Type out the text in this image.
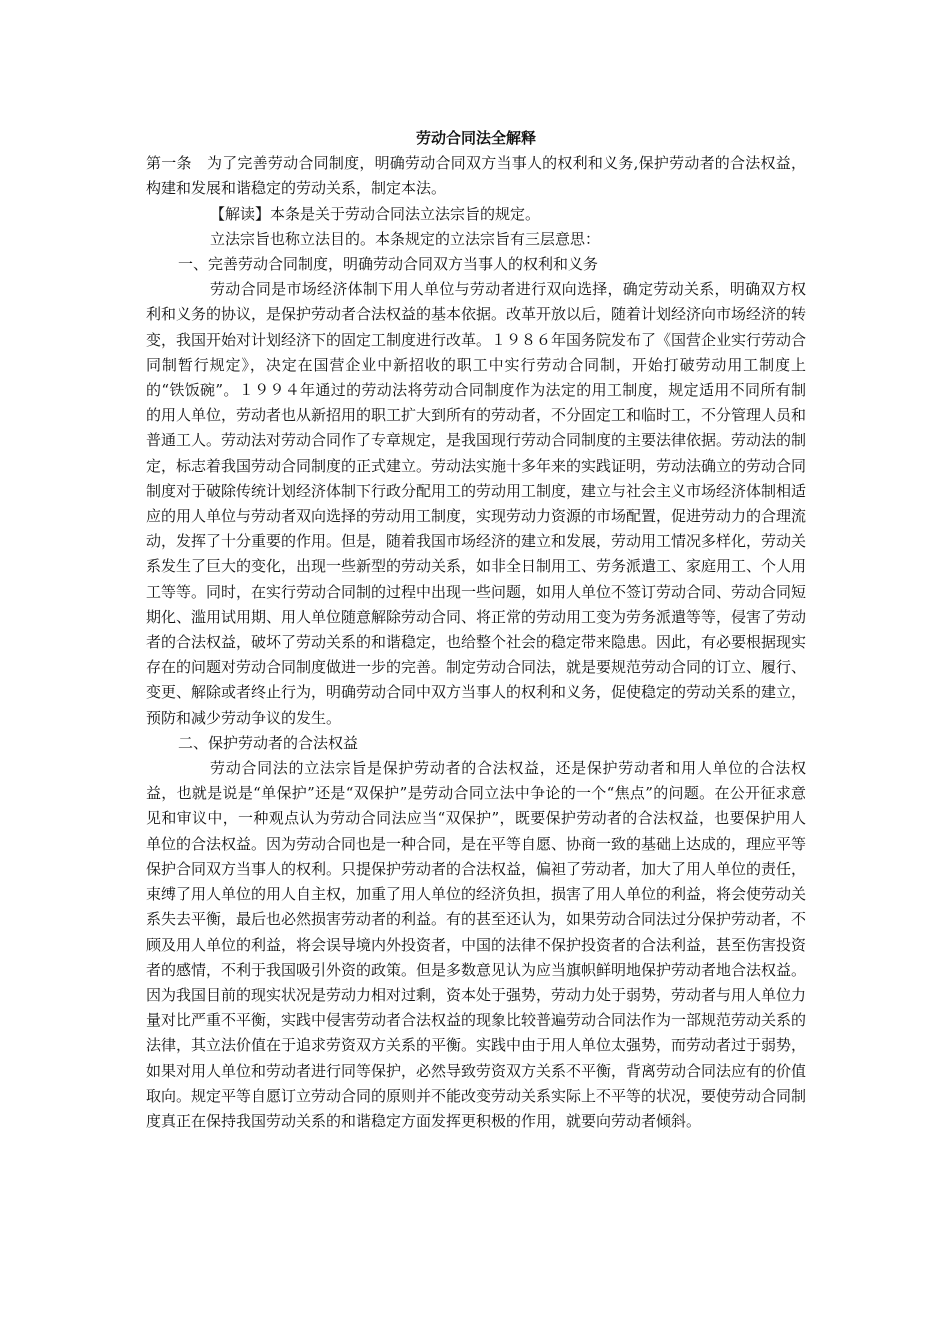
劳动合同法全解释

第一条　为了完善劳动合同制度，明确劳动合同双方当事人的权利和义务,保护劳动者的合法权益，构建和发展和谐稳定的劳动关系，制定本法。

【解读】本条是关于劳动合同法立法宗旨的规定。

立法宗旨也称立法目的。本条规定的立法宗旨有三层意思：

一、完善劳动合同制度，明确劳动合同双方当事人的权利和义务

劳动合同是市场经济体制下用人单位与劳动者进行双向选择，确定劳动关系，明确双方权利和义务的协议，是保护劳动者合法权益的基本依据。改革开放以后，随着计划经济向市场经济的转变，我国开始对计划经济下的固定工制度进行改革。１９８６年国务院发布了《国营企业实行劳动合同制暂行规定》，决定在国营企业中新招收的职工中实行劳动合同制，开始打破劳动用工制度上的“铁饭碗”。１９９４年通过的劳动法将劳动合同制度作为法定的用工制度，规定适用不同所有制的用人单位，劳动者也从新招用的职工扩大到所有的劳动者，不分固定工和临时工，不分管理人员和普通工人。劳动法对劳动合同作了专章规定，是我国现行劳动合同制度的主要法律依据。劳动法的制定，标志着我国劳动合同制度的正式建立。劳动法实施十多年来的实践证明，劳动法确立的劳动合同制度对于破除传统计划经济体制下行政分配用工的劳动用工制度，建立与社会主义市场经济体制相适应的用人单位与劳动者双向选择的劳动用工制度，实现劳动力资源的市场配置，促进劳动力的合理流动，发挥了十分重要的作用。但是，随着我国市场经济的建立和发展，劳动用工情况多样化，劳动关系发生了巨大的变化，出现一些新型的劳动关系，如非全日制用工、劳务派遣工、家庭用工、个人用工等等。同时，在实行劳动合同制的过程中出现一些问题，如用人单位不签订劳动合同、劳动合同短期化、滥用试用期、用人单位随意解除劳动合同、将正常的劳动用工变为劳务派遣等等，侵害了劳动者的合法权益，破坏了劳动关系的和谐稳定，也给整个社会的稳定带来隐患。因此，有必要根据现实存在的问题对劳动合同制度做进一步的完善。制定劳动合同法，就是要规范劳动合同的订立、履行、变更、解除或者终止行为，明确劳动合同中双方当事人的权利和义务，促使稳定的劳动关系的建立，预防和减少劳动争议的发生。

二、保护劳动者的合法权益

劳动合同法的立法宗旨是保护劳动者的合法权益，还是保护劳动者和用人单位的合法权益，也就是说是“单保护”还是“双保护”是劳动合同立法中争论的一个“焦点”的问题。在公开征求意见和审议中，一种观点认为劳动合同法应当“双保护”，既要保护劳动者的合法权益，也要保护用人单位的合法权益。因为劳动合同也是一种合同，是在平等自愿、协商一致的基础上达成的，理应平等保护合同双方当事人的权利。只提保护劳动者的合法权益，偏袒了劳动者，加大了用人单位的责任，束缚了用人单位的用人自主权，加重了用人单位的经济负担，损害了用人单位的利益，将会使劳动关系失去平衡，最后也必然损害劳动者的利益。有的甚至还认为，如果劳动合同法过分保护劳动者，不顾及用人单位的利益，将会误导境内外投资者，中国的法律不保护投资者的合法利益，甚至伤害投资者的感情，不利于我国吸引外资的政策。但是多数意见认为应当旗帜鲜明地保护劳动者地合法权益。因为我国目前的现实状况是劳动力相对过剩，资本处于强势，劳动力处于弱势，劳动者与用人单位力量对比严重不平衡，实践中侵害劳动者合法权益的现象比较普遍劳动合同法作为一部规范劳动关系的法律，其立法价值在于追求劳资双方关系的平衡。实践中由于用人单位太强势，而劳动者过于弱势，如果对用人单位和劳动者进行同等保护，必然导致劳资双方关系不平衡，背离劳动合同法应有的价值取向。规定平等自愿订立劳动合同的原则并不能改变劳动关系实际上不平等的状况，要使劳动合同制度真正在保持我国劳动关系的和谐稳定方面发挥更积极的作用，就要向劳动者倾斜。
